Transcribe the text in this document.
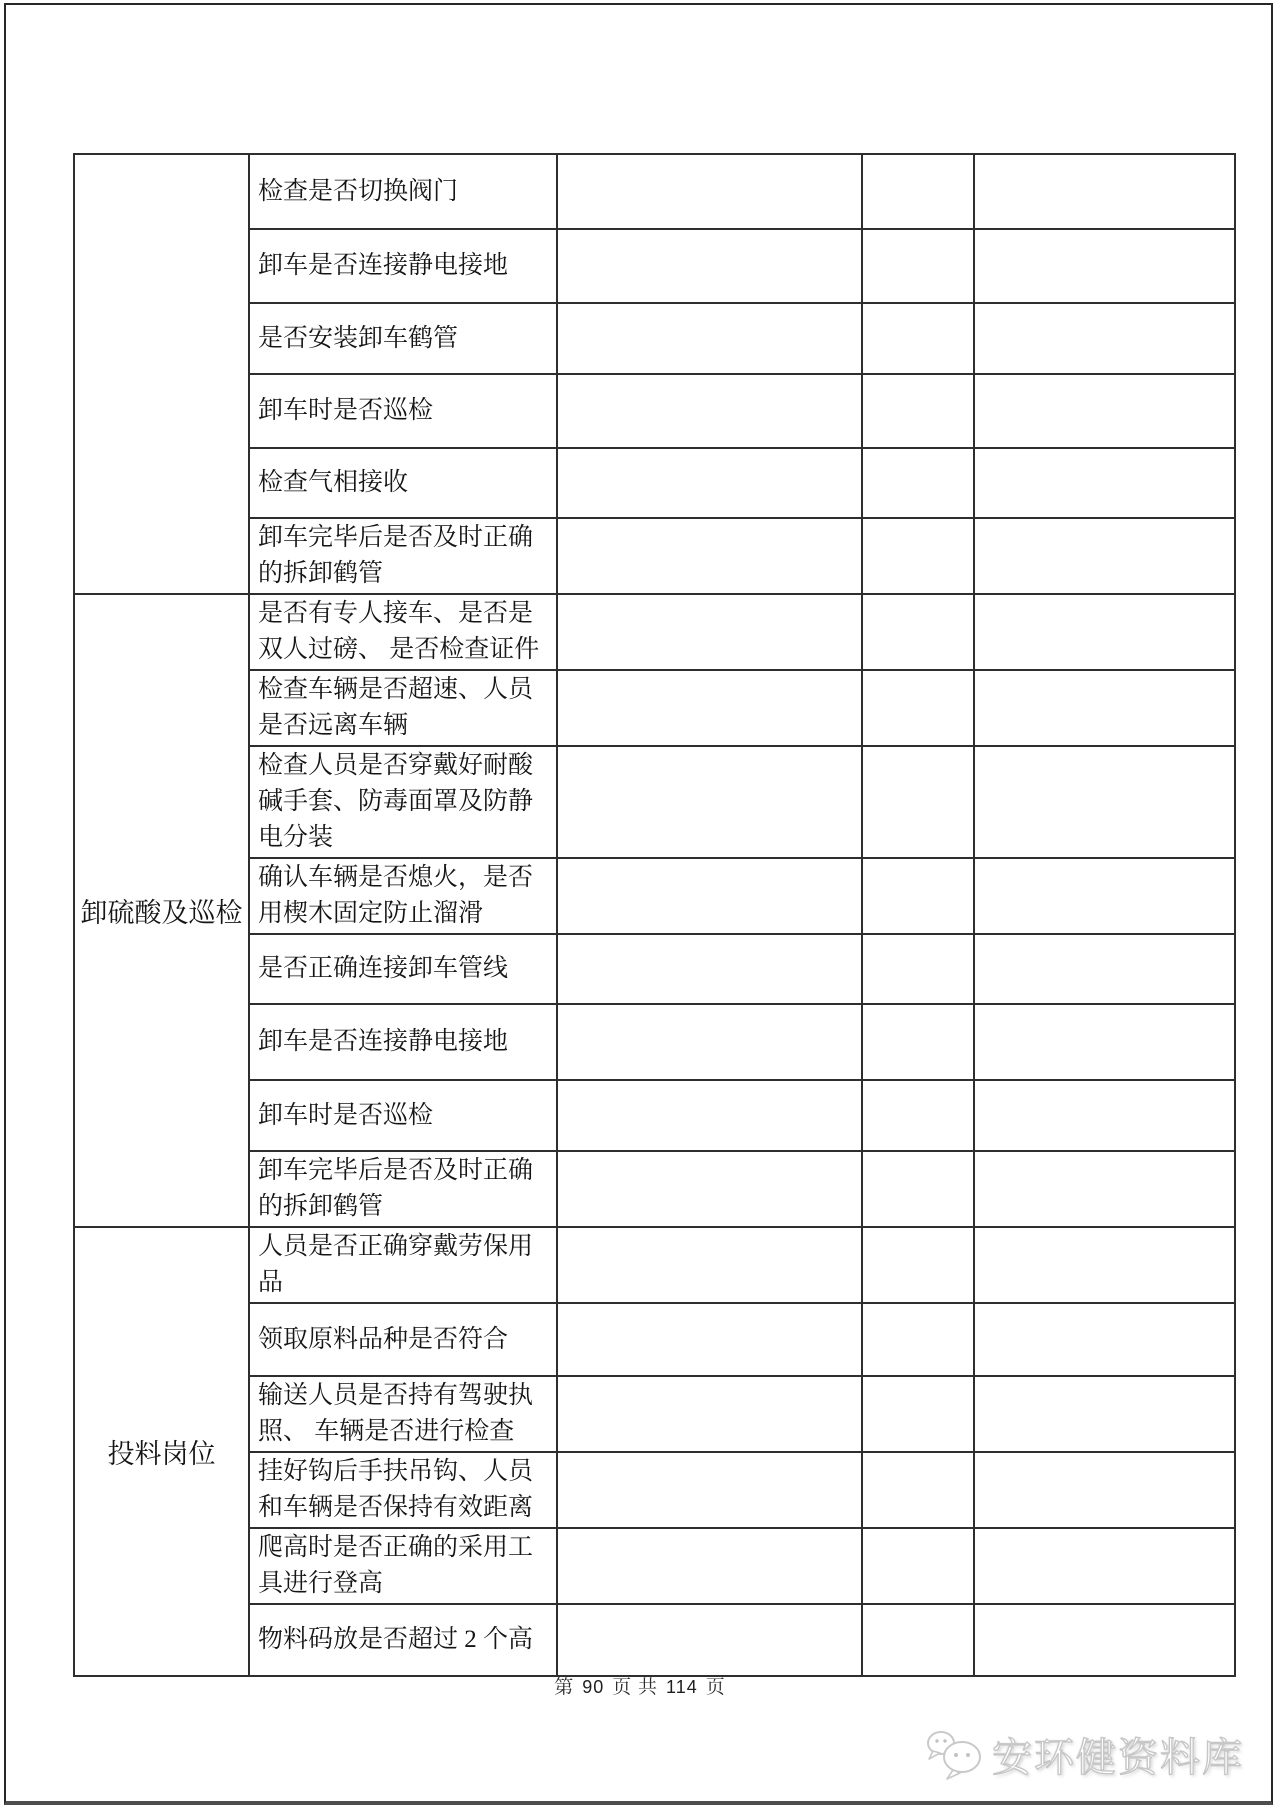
	检查是否切换阀门			
	卸车是否连接静电接地			
	是否安装卸车鹤管			
	卸车时是否巡检			
	检查气相接收			
	卸车完毕后是否及时正确的拆卸鹤管			
卸硫酸及巡检	是否有专人接车、是否是双人过磅、 是否检查证件			
	检查车辆是否超速、人员是否远离车辆			
	检查人员是否穿戴好耐酸碱手套、防毒面罩及防静电分装			
	确认车辆是否熄火，是否用楔木固定防止溜滑			
	是否正确连接卸车管线			
	卸车是否连接静电接地			
	卸车时是否巡检			
	卸车完毕后是否及时正确的拆卸鹤管			
投料岗位	人员是否正确穿戴劳保用品			
	领取原料品种是否符合			
	输送人员是否持有驾驶执照、 车辆是否进行检查			
	挂好钩后手扶吊钩、人员和车辆是否保持有效距离			
	爬高时是否正确的采用工具进行登高			
	物料码放是否超过 2 个高			
第 90 页 共 114 页
安环健资料库
